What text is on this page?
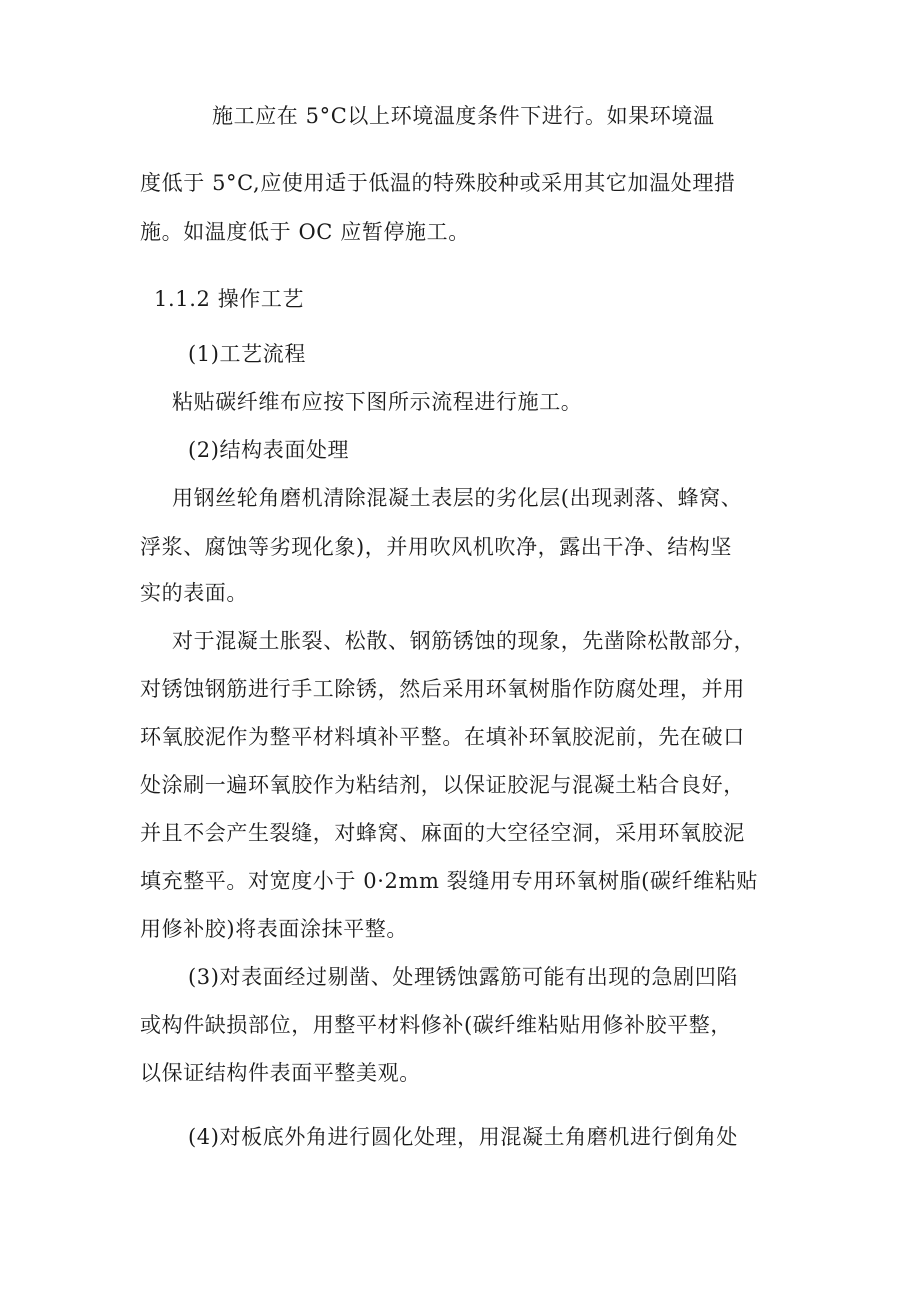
施工应在 5°C以上环境温度条件下进行。如果环境温
度低于 5°C,应使用适于低温的特殊胶种或采用其它加温处理措
施。如温度低于 OC 应暂停施工。
1.1.2 操作工艺
(1)工艺流程
粘贴碳纤维布应按下图所示流程进行施工。
(2)结构表面处理
用钢丝轮角磨机清除混凝土表层的劣化层(出现剥落、蜂窝、
浮浆、腐蚀等劣现化象)，并用吹风机吹净，露出干净、结构坚
实的表面。
对于混凝土胀裂、松散、钢筋锈蚀的现象，先凿除松散部分，
对锈蚀钢筋进行手工除锈，然后采用环氧树脂作防腐处理，并用
环氧胶泥作为整平材料填补平整。在填补环氧胶泥前，先在破口
处涂刷一遍环氧胶作为粘结剂，以保证胶泥与混凝土粘合良好，
并且不会产生裂缝，对蜂窝、麻面的大空径空洞，采用环氧胶泥
填充整平。对宽度小于 0·2mm 裂缝用专用环氧树脂(碳纤维粘贴
用修补胶)将表面涂抹平整。
(3)对表面经过剔凿、处理锈蚀露筋可能有出现的急剧凹陷
或构件缺损部位，用整平材料修补(碳纤维粘贴用修补胶平整，
以保证结构件表面平整美观。
(4)对板底外角进行圆化处理，用混凝土角磨机进行倒角处
